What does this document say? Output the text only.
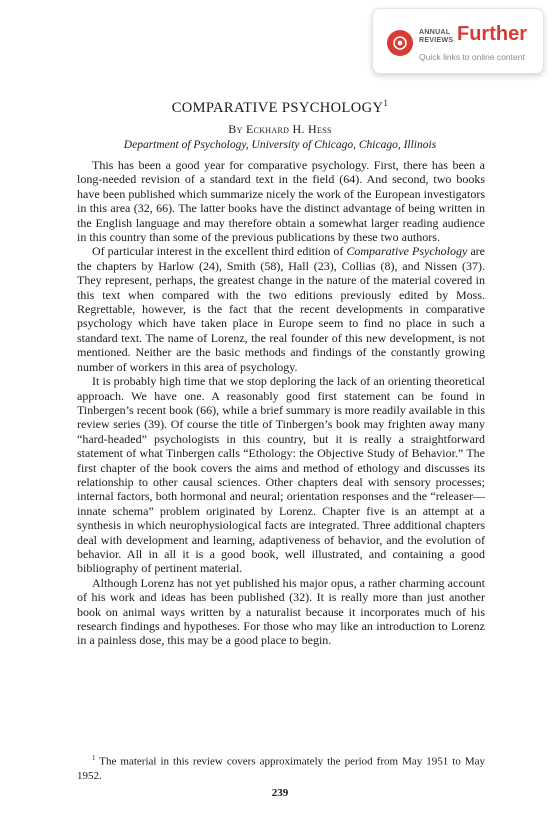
ANNUAL
REVIEWS Further
Quick links to online content
COMPARATIVE PSYCHOLOGY$^1$
By Eckhard H. Hess
Department of Psychology, University of Chicago, Chicago, Illinois

This has been a good year for comparative psychology. First, there has been a long-needed revision of a standard text in the field (64). And second, two books have been published which summarize nicely the work of the European investigators in this area (32, 66). The latter books have the distinct advantage of being written in the English language and may therefore obtain a somewhat larger reading audience in this country than some of the previous publications by these two authors.

Of particular interest in the excellent third edition of Comparative Psychology are the chapters by Harlow (24), Smith (58), Hall (23), Collias (8), and Nissen (37). They represent, perhaps, the greatest change in the nature of the material covered in this text when compared with the two editions previously edited by Moss. Regrettable, however, is the fact that the recent developments in comparative psychology which have taken place in Europe seem to find no place in such a standard text. The name of Lorenz, the real founder of this new development, is not mentioned. Neither are the basic methods and findings of the constantly growing number of workers in this area of psychology.

It is probably high time that we stop deploring the lack of an orienting theoretical approach. We have one. A reasonably good first statement can be found in Tinbergen’s recent book (66), while a brief summary is more readily available in this review series (39). Of course the title of Tinbergen’s book may frighten away many “hard-headed” psychologists in this country, but it is really a straightforward statement of what Tinbergen calls “Ethology: the Objective Study of Behavior.” The first chapter of the book covers the aims and method of ethology and discusses its relationship to other causal sciences. Other chapters deal with sensory processes; internal factors, both hormonal and neural; orientation responses and the “releaser—innate schema” problem originated by Lorenz. Chapter five is an attempt at a synthesis in which neurophysiological facts are integrated. Three additional chapters deal with development and learning, adaptiveness of behavior, and the evolution of behavior. All in all it is a good book, well illustrated, and containing a good bibliography of pertinent material.

Although Lorenz has not yet published his major opus, a rather charming account of his work and ideas has been published (32). It is really more than just another book on animal ways written by a naturalist because it incorporates much of his research findings and hypotheses. For those who may like an introduction to Lorenz in a painless dose, this may be a good place to begin.

$^1$ The material in this review covers approximately the period from May 1951 to May 1952.

239
